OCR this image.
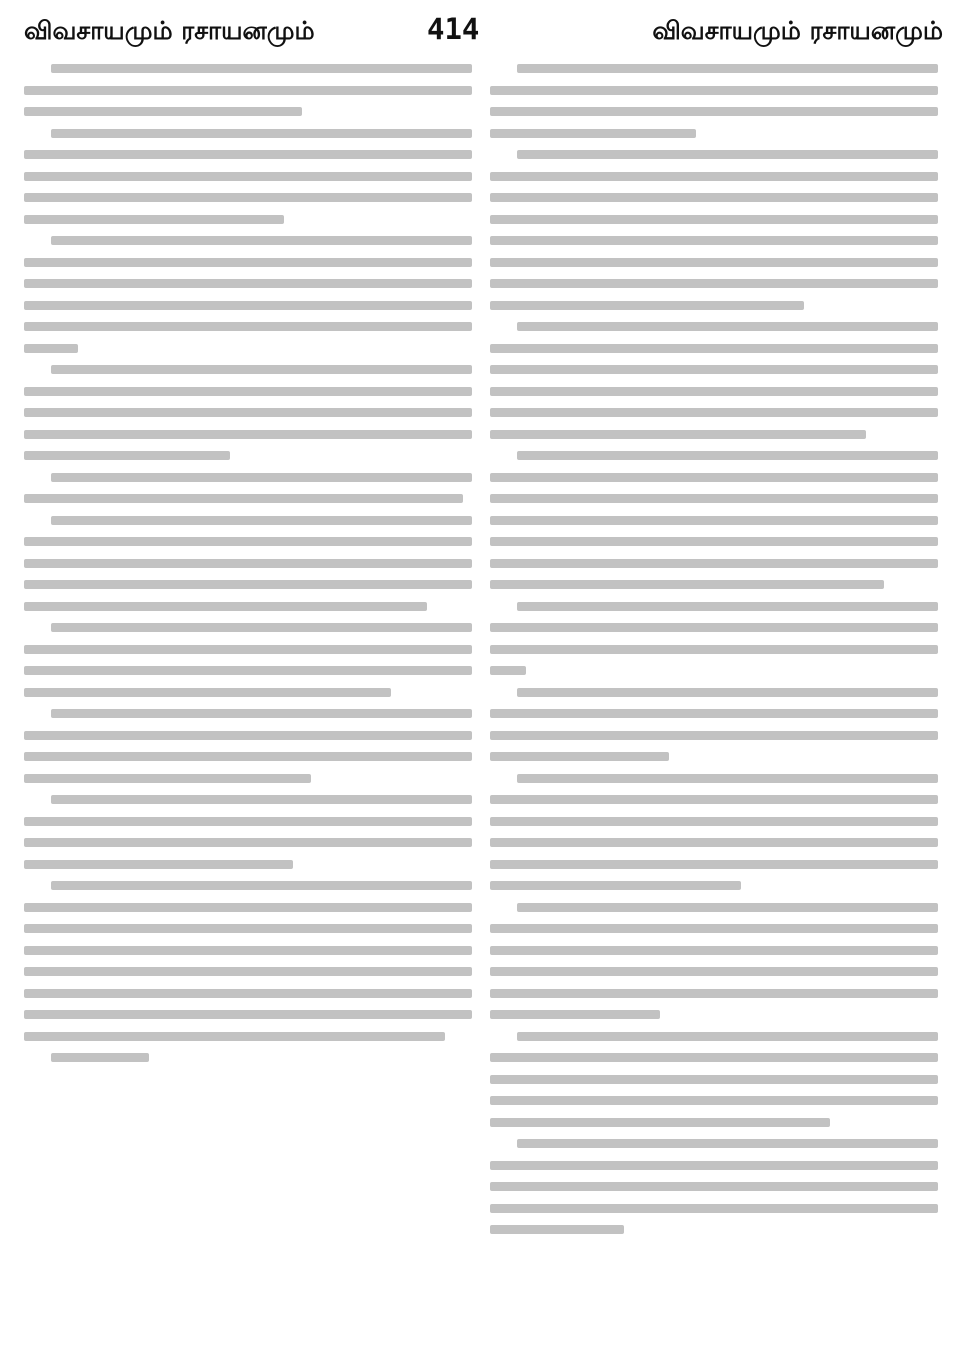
விவசாயமும் ரசாயனமும்	414	விவசாயமும் ரசாயனமும்
